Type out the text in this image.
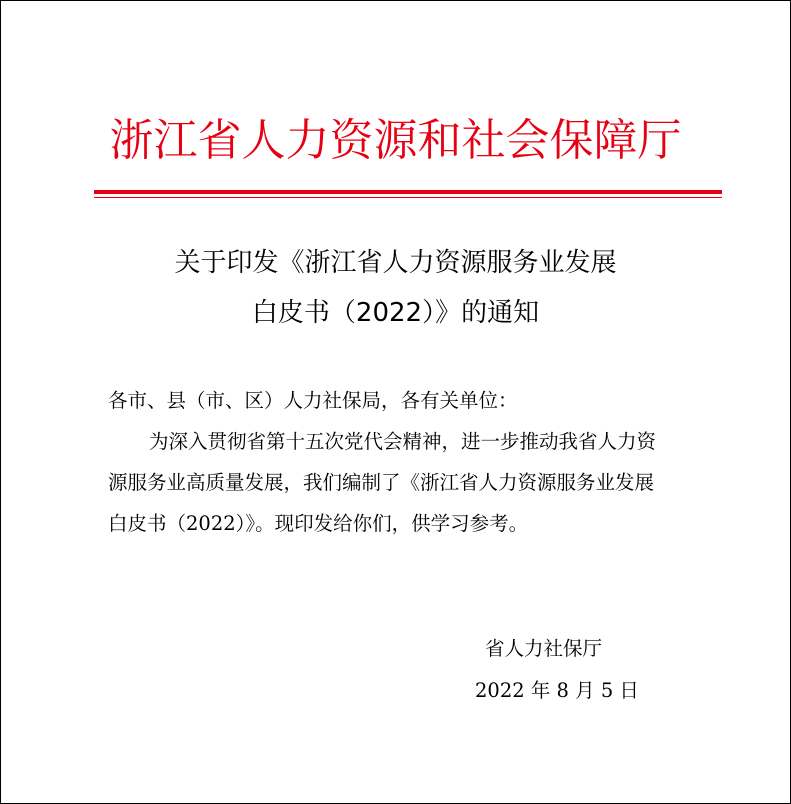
浙江省人力资源和社会保障厅
关于印发《浙江省人力资源服务业发展
白皮书（2022）》的通知
各市、县（市、区）人力社保局，各有关单位：
为深入贯彻省第十五次党代会精神，进一步推动我省人力资
源服务业高质量发展，我们编制了《浙江省人力资源服务业发展
白皮书（2022）》。现印发给你们，供学习参考。
省人力社保厅
2022 年 8 月 5 日
